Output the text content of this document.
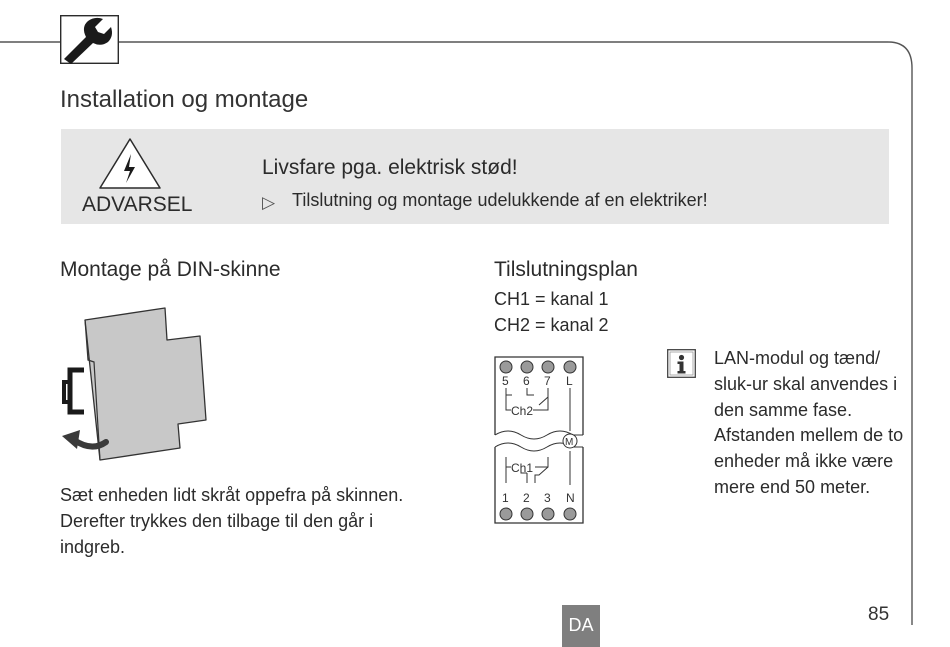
Installation og montage
ADVARSEL
Livsfare pga. elektrisk stød!
▷ Tilslutning og montage udelukkende af en elektriker!
Montage på DIN-skinne
Sæt enheden lidt skråt oppefra på skinnen. Derefter trykkes den tilbage til den går i indgreb.
Tilslutningsplan
CH1 = kanal 1
CH2 = kanal 2
5 6 7 L
Ch2
M
Ch1
1 2 3 N
LAN-modul og tænd/ sluk-ur skal anvendes i den samme fase. Afstanden mellem de to enheder må ikke være mere end 50 meter.
DA	85
